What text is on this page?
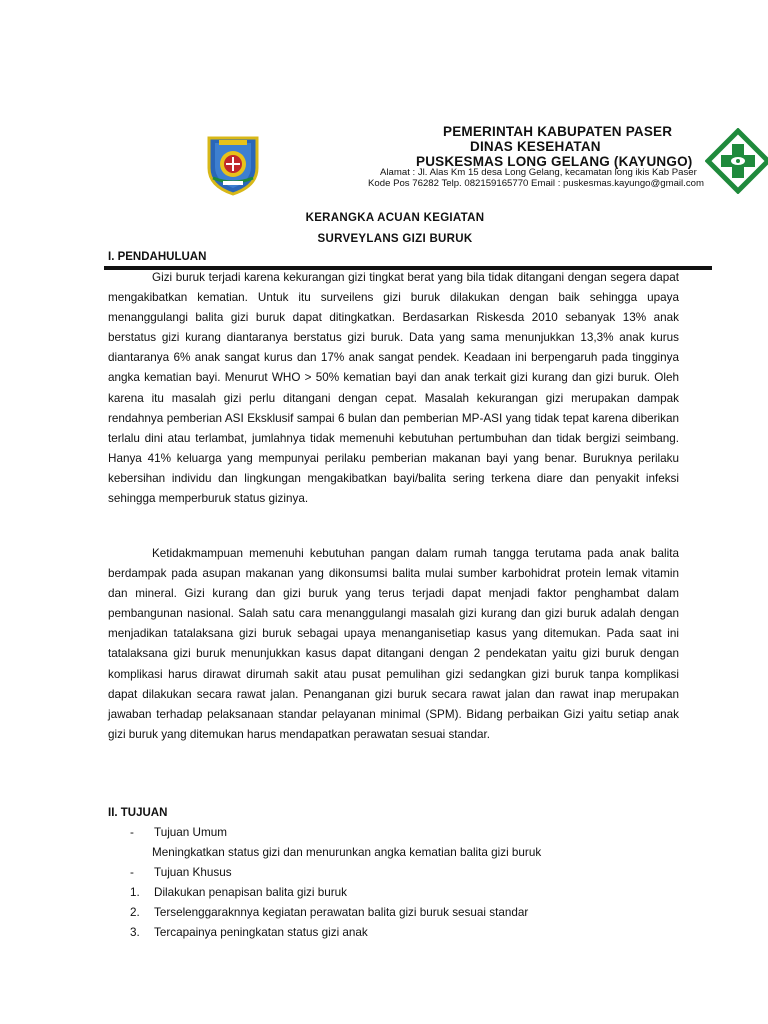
PEMERINTAH KABUPATEN PASER
DINAS KESEHATAN
PUSKESMAS LONG GELANG (KAYUNGO)
Alamat : Jl. Alas Km 15 desa Long Gelang, kecamatan long ikis Kab Paser
Kode Pos 76282 Telp. 082159165770 Email : puskesmas.kayungo@gmail.com
KERANGKA ACUAN KEGIATAN
SURVEYLANS GIZI BURUK
I. PENDAHULUAN

Gizi buruk terjadi karena kekurangan gizi tingkat berat yang bila tidak ditangani dengan segera dapat mengakibatkan kematian. Untuk itu surveilens gizi buruk dilakukan dengan baik sehingga upaya menanggulangi balita gizi buruk dapat ditingkatkan. Berdasarkan Riskesda 2010 sebanyak 13% anak berstatus gizi kurang diantaranya berstatus gizi buruk. Data yang sama menunjukkan 13,3% anak kurus diantaranya 6% anak sangat kurus dan 17% anak sangat pendek. Keadaan ini berpengaruh pada tingginya angka kematian bayi. Menurut WHO > 50% kematian bayi dan anak terkait gizi kurang dan gizi buruk. Oleh karena itu masalah gizi perlu ditangani dengan cepat. Masalah kekurangan gizi merupakan dampak rendahnya pemberian ASI Eksklusif sampai 6 bulan dan pemberian MP-ASI yang tidak tepat karena diberikan terlalu dini atau terlambat, jumlahnya tidak memenuhi kebutuhan pertumbuhan dan tidak bergizi seimbang. Hanya 41% keluarga yang mempunyai perilaku pemberian makanan bayi yang benar. Buruknya perilaku kebersihan individu dan lingkungan mengakibatkan bayi/balita sering terkena diare dan penyakit infeksi sehingga memperburuk status gizinya.

Ketidakmampuan memenuhi kebutuhan pangan dalam rumah tangga terutama pada anak balita berdampak pada asupan makanan yang dikonsumsi balita mulai sumber karbohidrat protein lemak vitamin dan mineral. Gizi kurang dan gizi buruk yang terus terjadi dapat menjadi faktor penghambat dalam pembangunan nasional. Salah satu cara menanggulangi masalah gizi kurang dan gizi buruk adalah dengan menjadikan tatalaksana gizi buruk sebagai upaya menanganisetiap kasus yang ditemukan. Pada saat ini tatalaksana gizi buruk menunjukkan kasus dapat ditangani dengan 2 pendekatan yaitu gizi buruk dengan komplikasi harus dirawat dirumah sakit atau pusat pemulihan gizi sedangkan gizi buruk tanpa komplikasi dapat dilakukan secara rawat jalan. Penanganan gizi buruk secara rawat jalan dan rawat inap merupakan jawaban terhadap pelaksanaan standar pelayanan minimal (SPM). Bidang perbaikan Gizi yaitu setiap anak gizi buruk yang ditemukan harus mendapatkan perawatan sesuai standar.

II. TUJUAN
- Tujuan Umum
Meningkatkan status gizi dan menurunkan angka kematian balita gizi buruk
- Tujuan Khusus
1. Dilakukan penapisan balita gizi buruk
2. Terselenggaraknnya kegiatan perawatan balita gizi buruk sesuai standar
3. Tercapainya peningkatan status gizi anak
